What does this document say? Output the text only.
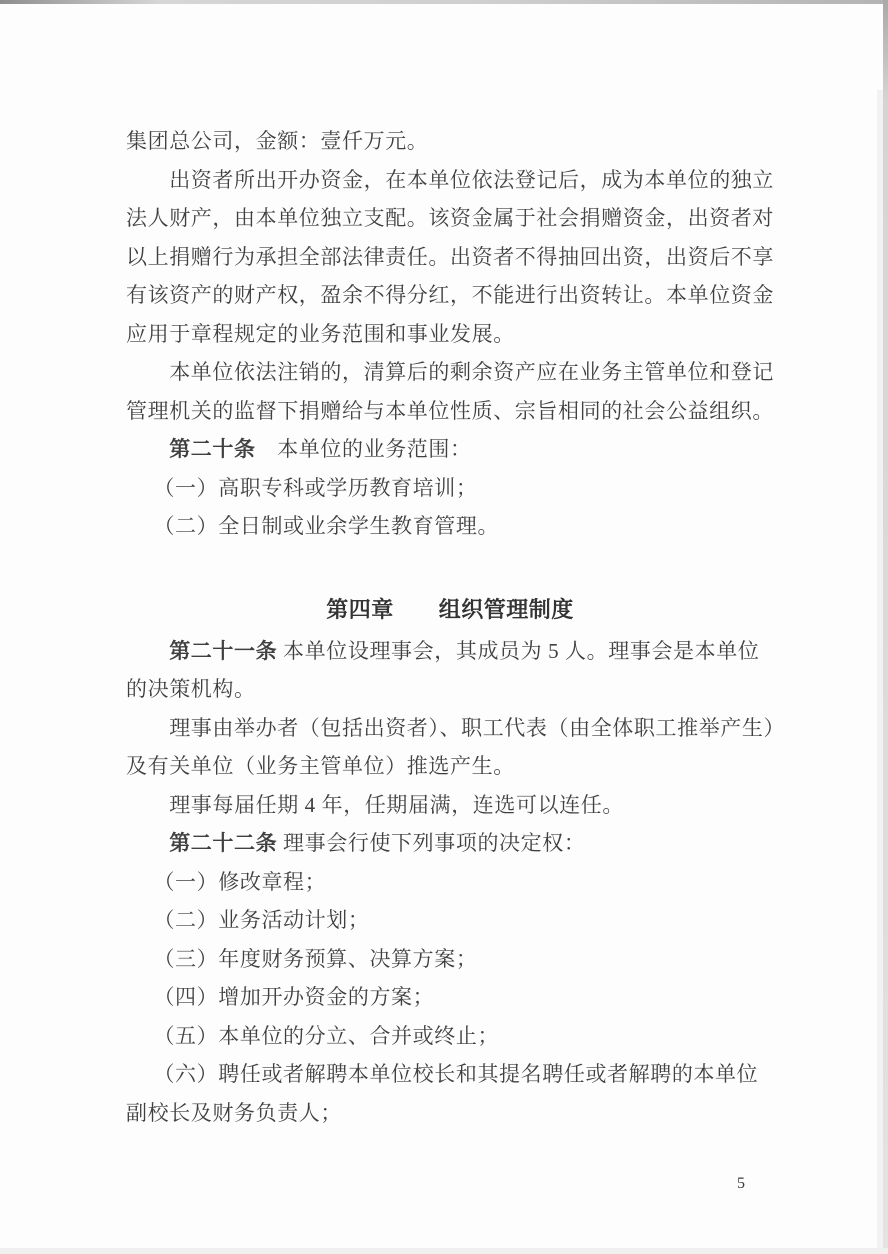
集团总公司，金额：壹仟万元。
　　出资者所出开办资金，在本单位依法登记后，成为本单位的独立
法人财产，由本单位独立支配。该资金属于社会捐赠资金，出资者对
以上捐赠行为承担全部法律责任。出资者不得抽回出资，出资后不享
有该资产的财产权，盈余不得分红，不能进行出资转让。本单位资金
应用于章程规定的业务范围和事业发展。
　　本单位依法注销的，清算后的剩余资产应在业务主管单位和登记
管理机关的监督下捐赠给与本单位性质、宗旨相同的社会公益组织。
　　第二十条　本单位的业务范围：
　 （一）高职专科或学历教育培训；
　 （二）全日制或业余学生教育管理。
第四章　　组织管理制度
　　第二十一条 本单位设理事会，其成员为 5 人。理事会是本单位
的决策机构。
　　理事由举办者（包括出资者）、职工代表（由全体职工推举产生）
及有关单位（业务主管单位）推选产生。
　　理事每届任期 4 年，任期届满，连选可以连任。
　　第二十二条 理事会行使下列事项的决定权：
　 （一）修改章程；
　 （二）业务活动计划；
　 （三）年度财务预算、决算方案；
　 （四）增加开办资金的方案；
　 （五）本单位的分立、合并或终止；
　 （六）聘任或者解聘本单位校长和其提名聘任或者解聘的本单位
副校长及财务负责人；
5
